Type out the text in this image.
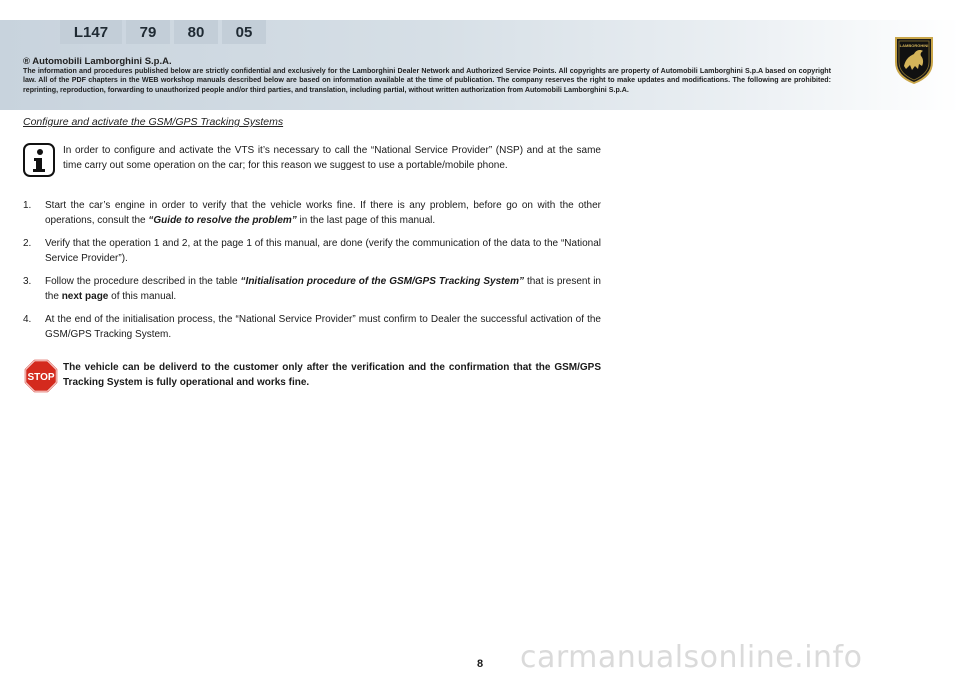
L147	79	80	05
LAMBORGHINI
® Automobili Lamborghini S.p.A.
The information and procedures published below are strictly confidential and exclusively for the Lamborghini Dealer Network and Authorized Service Points. All copyrights are property of Automobili Lamborghini S.p.A based on copyright law. All of the PDF chapters in the WEB workshop manuals described below are based on information available at the time of publication. The company reserves the right to make updates and modifications. The following are prohibited: reprinting, reproduction, forwarding to unauthorized people and/or third parties, and translation, including partial, without written authorization from Automobili Lamborghini S.p.A.
Configure and activate the GSM/GPS Tracking Systems
In order to configure and activate the VTS it’s necessary to call the “National Service Provider” (NSP) and at the same time carry out some operation on the car; for this reason we suggest to use a portable/mobile phone.
1. Start the car’s engine in order to verify that the vehicle works fine. If there is any problem, before go on with the other operations, consult the “Guide to resolve the problem” in the last page of this manual.
2. Verify that the operation 1 and 2, at the page 1 of this manual, are done (verify the communication of the data to the “National Service Provider”).
3. Follow the procedure described in the table “Initialisation procedure of the GSM/GPS Tracking System” that is present in the next page of this manual.
4. At the end of the initialisation process, the “National Service Provider” must confirm to Dealer the successful activation of the GSM/GPS Tracking System.
STOP
The vehicle can be deliverd to the customer only after the verification and the confirmation that the GSM/GPS Tracking System is fully operational and works fine.
8	carmanualsonline.info
